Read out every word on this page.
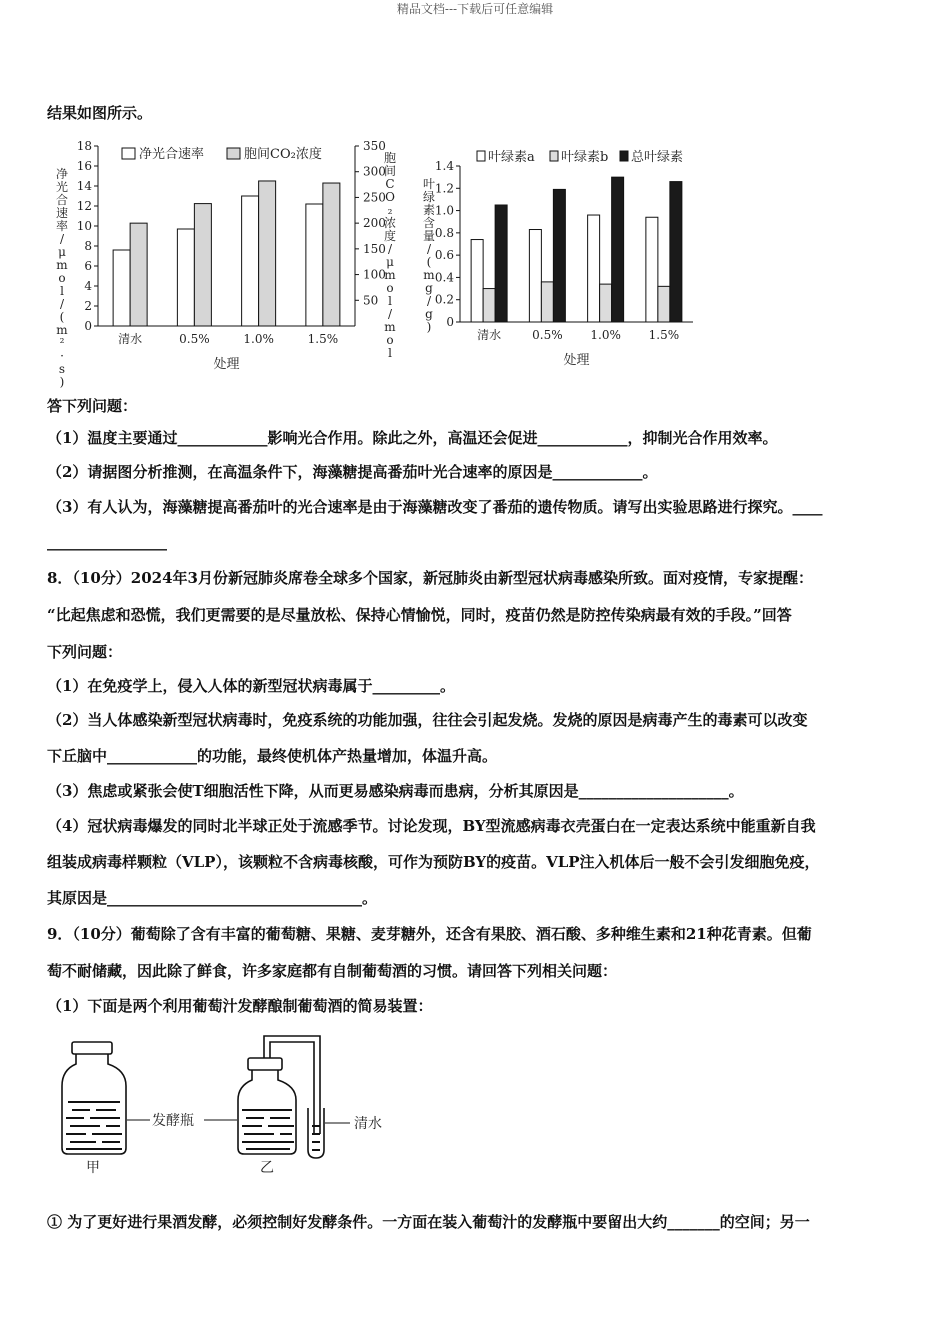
精品文档---下载后可任意编辑
结果如图所示。
0
2
4
6
8
10
12
14
16
18
50
100
150
200
250
300
350
清水	0.5%	1.0%	1.5%
处理
净
光
合
速
率
/
μ
m
o
l
/
(
m
²
·
s
)
胞
间
C
O
₂
浓
度
/
μ
m
o
l
/
m
o
l
净光合速率	胞间CO₂浓度
0
0.2
0.4
0.6
0.8
1.0
1.2
1.4
清水	0.5% 1.0% 1.5%
处理
叶
绿
素
含
量
/
(
m
g
/
g
)
叶绿素a 叶绿素b 总叶绿素
答下列问题：
（1）温度主要通过____________影响光合作用。除此之外，高温还会促进____________，抑制光合作用效率。
（2）请据图分析推测，在高温条件下，海藻糖提高番茄叶光合速率的原因是____________。
（3）有人认为，海藻糖提高番茄叶的光合速率是由于海藻糖改变了番茄的遗传物质。请写出实验思路进行探究。____
________________
8．（10分）2024年3月份新冠肺炎席卷全球多个国家，新冠肺炎由新型冠状病毒感染所致。面对疫情，专家提醒：
“比起焦虑和恐慌，我们更需要的是尽量放松、保持心情愉悦，同时，疫苗仍然是防控传染病最有效的手段。”回答
下列问题：
（1）在免疫学上，侵入人体的新型冠状病毒属于_________。
（2）当人体感染新型冠状病毒时，免疫系统的功能加强，往往会引起发烧。发烧的原因是病毒产生的毒素可以改变
下丘脑中____________的功能，最终使机体产热量增加，体温升高。
（3）焦虑或紧张会使T细胞活性下降，从而更易感染病毒而患病，分析其原因是____________________。
（4）冠状病毒爆发的同时北半球正处于流感季节。讨论发现，BY型流感病毒衣壳蛋白在一定表达系统中能重新自我
组装成病毒样颗粒（VLP），该颗粒不含病毒核酸，可作为预防BY的疫苗。VLP注入机体后一般不会引发细胞免疫，
其原因是__________________________________。
9．（10分）葡萄除了含有丰富的葡萄糖、果糖、麦芽糖外，还含有果胶、酒石酸、多种维生素和21种花青素。但葡
萄不耐储藏，因此除了鲜食，许多家庭都有自制葡萄酒的习惯。请回答下列相关问题：
（1）下面是两个利用葡萄汁发酵酿制葡萄酒的简易装置：
发酵瓶	清水
甲	乙
① 为了更好进行果酒发酵，必须控制好发酵条件。一方面在装入葡萄汁的发酵瓶中要留出大约_______的空间；另一
